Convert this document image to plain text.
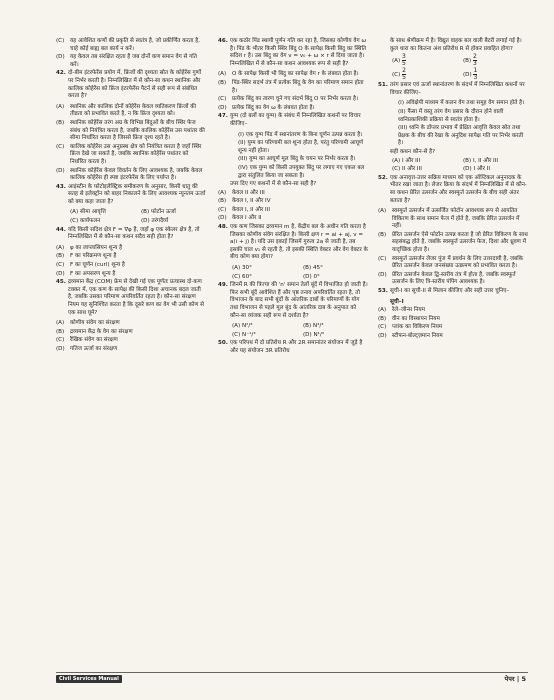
(C) यह आवेशित कणों की प्रकृति से स्वतंत्र है, जो प्रकीर्णित करता है, चाहे कोई बाह्य बल कार्य न करें।
(D) यह केवल तब संरक्षित रहता है जब दोनों कण समान वेग से गति करें।
42. दो-बीम इंटरफेरेंस प्रयोग में, फ्रिंजों की दृश्यता स्रोत के कोहेरेंस गुणों पर निर्भर करती है। निम्नलिखित में से कौन-सा कथन स्थानिक और कालिक कोहेरेंस को फ्रिंज इंटरफेरेंस पैटर्न से सही रूप से संबंधित करता है?
(A) स्थानिक और कालिक दोनों कोहेरेंस केवल व्यतिकरण फ्रिंजों की तीव्रता को प्रभावित करते है, न कि फ्रिंज दृश्यता को।
(B) स्थानिक कोहेरेंस तरंग अग्र के विभिन्न बिंदुओं के बीच स्थिर फेज संबंध को नियंत्रित करता है, जबकि कालिक कोहेरेंस उस पथांतर की सीमा निर्धारित करता है जिससे फ्रिंज दृश्य रहते है।
(C) कालिक कोहेरेंस उस अनुप्रस्थ क्षेत्र को नियंत्रित करता है जहाँ स्थिर फ्रिंज देखे जा सकते है, जबकि स्थानिक कोहेरेंस पथांतर को निर्धारित करता है।
(D) स्थानिक कोहेरेंस केवल विवर्तन के लिए आवश्यक है, जबकि केवल कालिक कोहेरेंस ही स्पष्ट इंटरफेरेंस के लिए पर्याप्त है।
43. आइंस्टीन के फोटोइलेक्ट्रिक समीकरण के अनुसार, किसी धातु की सतह से इलेक्ट्रॉन को बाहर निकालने के लिए आवश्यक न्यूनतम ऊर्जा को क्या कहा जाता है?
(A) सीमा आवृत्ति	(B) फोटॉन ऊर्जा
(C) कार्यफलन	(D) तरंगदैर्घ्य
44. यदि किसी सदिश क्षेत्र F = ∇φ है, जहाँ φ एक स्केलर क्षेत्र है, तो निम्नलिखित में से कौन-सा कथन सदैव सही होता है?
(A) φ का लाप्लासियन शून्य है
(B) F का परिक्रमण शून्य है
(C) F का घूर्णन (curl) शून्य है
(D) F का अपसरण शून्य है
45. द्रव्यमान केंद्र (COM) फ्रेम से देखी गई एक पूर्णतः प्रत्यास्थ दो-कण टक्कर में, एक कण के सापेक्ष की किसी दिशा अचानक बदल जाती है, जबकि उसका परिमाण अपरिवर्तित रहता है। कौन-सा संरक्षण नियम यह सुनिश्चित करता है कि दूसरे कण का वेग भी उसी कोण से एक साथ घूमे?
(A) कोणीय संवेग का संरक्षण
(B) द्रव्यमान केंद्र के वेग का संरक्षण
(C) रैखिक संवेग का संरक्षण
(D) गतिज ऊर्जा का संरक्षण
46. एक कठोर पिंड स्थायी पूर्णन गति कर रहा है, जिसका कोणीय वेग ω है। पिंड के भीतर किसी स्थिर बिंदु O के सापेक्ष किसी बिंदु का स्थिति सदिश r है। उस बिंदु का वेग v = v₀ + ω × r से दिया जाता है। निम्नलिखित में से कौन-सा कथन आवश्यक रूप से सही है?
(A) O के सापेक्ष किसी भी बिंदु का सापेक्ष वेग r के लंबवत होता है।
(B) पिंड-स्थिर सदर्भ तंत्र में प्रत्येक बिंदु के वेग का परिमाण समान होता है।
(C) प्रत्येक बिंदु का त्वरण चुने गए संदर्भ बिंदु O पर निर्भर करता है।
(D) प्रत्येक बिंदु का वेग ω के लंबवत होता है।
47. युग्म (दो बलों का युग्म) के संबंध में निम्नलिखित कथनों पर विचार कीजिए–
(I) एक युग्म पिंड में स्थानांतरण के बिना घूर्णन उत्पन्न करता है।
(II) युग्म का परिणामी बल शून्य होता है, परंतु परिणामी आघूर्ण शून्य नहीं होता।
(III) युग्म का आघूर्ण मूल बिंदु के चयन पर निर्भर करता है।
(IV) एक युग्म को किसी उपयुक्त बिंदु पर लगाए गए एकल बल द्वारा संतुलित किया जा सकता है।
उपर दिए गए कथनों में से कौन-सा सही है?
(A) केवल II और III
(B) केवल I, II और IV
(C) केवल I, II और III
(D) केवल I और II
48. एक कण जिसका द्रव्यमान m है, केंद्रीय बल के अधीन गति करता है जिसका कोणीय संवेग संरक्षित है। किसी क्षण r = ai + aj, v = a(i + j) है। यदि उस इकाई जिसमें गुरुत्व 2a से जाती है, तब इसकी चाल v₁ से रहती है, तो इसकी स्थिति वेक्टर और वेग वेक्टर के बीच कोण क्या होगा?
(A) 30°	(B) 45°
(C) 60°	(D) 0°
49. जिनमें R की त्रिज्या की 'n' समान तेलों बूंदें में विभाजित हो जाती है। फिर सभी बूंदें आवेशित हैं और पृष्ठ तनाव अपरिवर्तित रहता है, तो विभाजन के बाद सभी बूंदों के आंतरिक दाबों के परिमाणों के योग तथा विभाजन से पहले मूल बूंद के आंतरिक दाब के अनुपात को कौन-सा व्यंजक सही रूप से दर्शाता है?
(A) N²/³	(B) N⁴/³
(C) N⁻¹/³	(D) N¹/³
50. एक परिपथ में दो प्रतिरोध R और 2R समानांतर संयोजन में जुड़े है और यह संयोजन 3R प्रतिरोध
के साथ श्रेणीक्रम में है। विद्युत वाहक बल वाली बैटरी लगाई गई है। कुल धारा का कितना अंश प्रतिरोध R से होकर प्रवाहित होगा?
$(A) \frac{3}{5}$	$(B) \frac{2}{3}$
$(C) \frac{2}{5}$	$(D) \frac{1}{3}$
51. तरंग प्रसार एवं ऊर्जा स्थानांतरण के संदर्भ में निम्नलिखित कथनों पर विचार कीजिए–
(I) अविक्षेपी माध्यम में कलन वेग तथा समूह वेग समान होते है।
(II) फैंसा में वस्तु तरंग वेग प्रसार के दौरान होने वाली ध्वनिप्रकाशिकी प्रक्रिया से स्वतंत्र होता है।
(III) ध्वनि के डॉप्लर प्रभाव में प्रेक्षित आवृत्ति केवल स्रोत तथा प्रेक्षक के बीच की रेखा के अनुदिश सापेक्ष गति पर निर्भर करती है।
सही कथन कौन-से है?
(A) I और III	(B) I, II और III
(C) II और III	(D) I और II
52. एक अनावृत्त-उत्तर सक्रिय माध्यम को एक ऑप्टिकल अनुनादक के भीतर रखा जाता है। लेजर क्रिया के संदर्भ में निम्नलिखित में से कौन-सा कथन प्रेरित उत्सर्जन और स्वस्फूर्त उत्सर्जन के बीच सही अंतर बताता है?
(A) स्वस्फूर्त उत्सर्जन में उत्सर्जित फोटॉन आवश्यक रूप से आपतित विकिरण के साथ समान फेज में होते है, जबकि प्रेरित उत्सर्जन में नहीं।
(B) प्रेरित उत्सर्जन ऐसे फोटॉन उत्पन्न करता है जो प्रेरित विकिरण के साथ सहसंबद्ध होते है, जबकि स्वस्फूर्त उत्सर्जन फेज, दिशा और ध्रुवण में यादृच्छिक होता है।
(C) स्वस्फूर्त उत्सर्जन लेजर पुंज में प्रवर्धन के लिए उत्तरदायी है, जबकि प्रेरित उत्सर्जन केवल जनसंख्या उत्क्रमण को प्रभावित करता है।
(D) प्रेरित उत्सर्जन केवल द्वि-स्तरीय तंत्र में होता है, जबकि स्वस्फूर्त उत्सर्जन के लिए त्रि-स्तरीय पंपिंग आवश्यक है।
53. सूची-I का सूची-II से मिलान कीजिए और सही उत्तर चुनिए–
सूची–I
(A) रेले–जीन्स नियम
(B) वीन का विस्थापन नियम
(C) प्लांक का विकिरण नियम
(D) स्टीफन-बोल्ट्ज़मान नियम
Civil Services Manual	पेपर | 5
